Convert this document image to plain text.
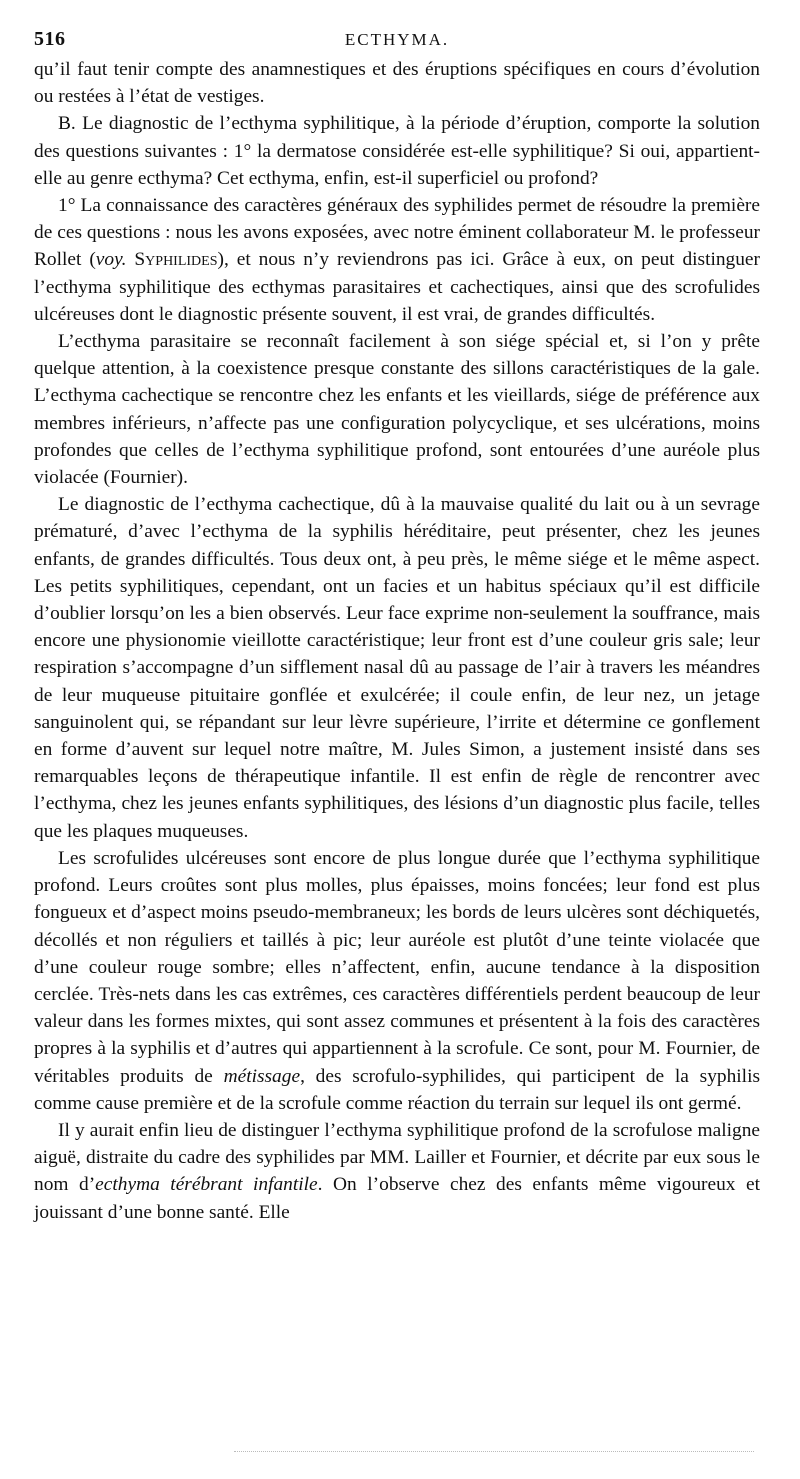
516	ECTHYMA.

qu’il faut tenir compte des anamnestiques et des éruptions spécifiques en cours d’évolution ou restées à l’état de vestiges.

B. Le diagnostic de l’ecthyma syphilitique, à la période d’éruption, comporte la solution des questions suivantes : 1° la dermatose considérée est-elle syphilitique? Si oui, appartient-elle au genre ecthyma? Cet ecthyma, enfin, est-il superficiel ou profond?

1° La connaissance des caractères généraux des syphilides permet de résoudre la première de ces questions : nous les avons exposées, avec notre éminent collaborateur M. le professeur Rollet (voy. Syphilides), et nous n’y reviendrons pas ici. Grâce à eux, on peut distinguer l’ecthyma syphilitique des ecthymas parasitaires et cachectiques, ainsi que des scrofulides ulcéreuses dont le diagnostic présente souvent, il est vrai, de grandes difficultés.

L’ecthyma parasitaire se reconnaît facilement à son siége spécial et, si l’on y prête quelque attention, à la coexistence presque constante des sillons caractéristiques de la gale. L’ecthyma cachectique se rencontre chez les enfants et les vieillards, siége de préférence aux membres inférieurs, n’affecte pas une configuration polycyclique, et ses ulcérations, moins profondes que celles de l’ecthyma syphilitique profond, sont entourées d’une auréole plus violacée (Fournier).

Le diagnostic de l’ecthyma cachectique, dû à la mauvaise qualité du lait ou à un sevrage prématuré, d’avec l’ecthyma de la syphilis héréditaire, peut présenter, chez les jeunes enfants, de grandes difficultés. Tous deux ont, à peu près, le même siége et le même aspect. Les petits syphilitiques, cependant, ont un facies et un habitus spéciaux qu’il est difficile d’oublier lorsqu’on les a bien observés. Leur face exprime non-seulement la souffrance, mais encore une physionomie vieillotte caractéristique; leur front est d’une couleur gris sale; leur respiration s’accompagne d’un sifflement nasal dû au passage de l’air à travers les méandres de leur muqueuse pituitaire gonflée et exulcérée; il coule enfin, de leur nez, un jetage sanguinolent qui, se répandant sur leur lèvre supérieure, l’irrite et détermine ce gonflement en forme d’auvent sur lequel notre maître, M. Jules Simon, a justement insisté dans ses remarquables leçons de thérapeutique infantile. Il est enfin de règle de rencontrer avec l’ecthyma, chez les jeunes enfants syphilitiques, des lésions d’un diagnostic plus facile, telles que les plaques muqueuses.

Les scrofulides ulcéreuses sont encore de plus longue durée que l’ecthyma syphilitique profond. Leurs croûtes sont plus molles, plus épaisses, moins foncées; leur fond est plus fongueux et d’aspect moins pseudo-membraneux; les bords de leurs ulcères sont déchiquetés, décollés et non réguliers et taillés à pic; leur auréole est plutôt d’une teinte violacée que d’une couleur rouge sombre; elles n’affectent, enfin, aucune tendance à la disposition cerclée. Très-nets dans les cas extrêmes, ces caractères différentiels perdent beaucoup de leur valeur dans les formes mixtes, qui sont assez communes et présentent à la fois des caractères propres à la syphilis et d’autres qui appartiennent à la scrofule. Ce sont, pour M. Fournier, de véritables produits de métissage, des scrofulo-syphilides, qui participent de la syphilis comme cause première et de la scrofule comme réaction du terrain sur lequel ils ont germé.

Il y aurait enfin lieu de distinguer l’ecthyma syphilitique profond de la scrofulose maligne aiguë, distraite du cadre des syphilides par MM. Lailler et Fournier, et décrite par eux sous le nom d’ecthyma térébrant infantile. On l’observe chez des enfants même vigoureux et jouissant d’une bonne santé. Elle
